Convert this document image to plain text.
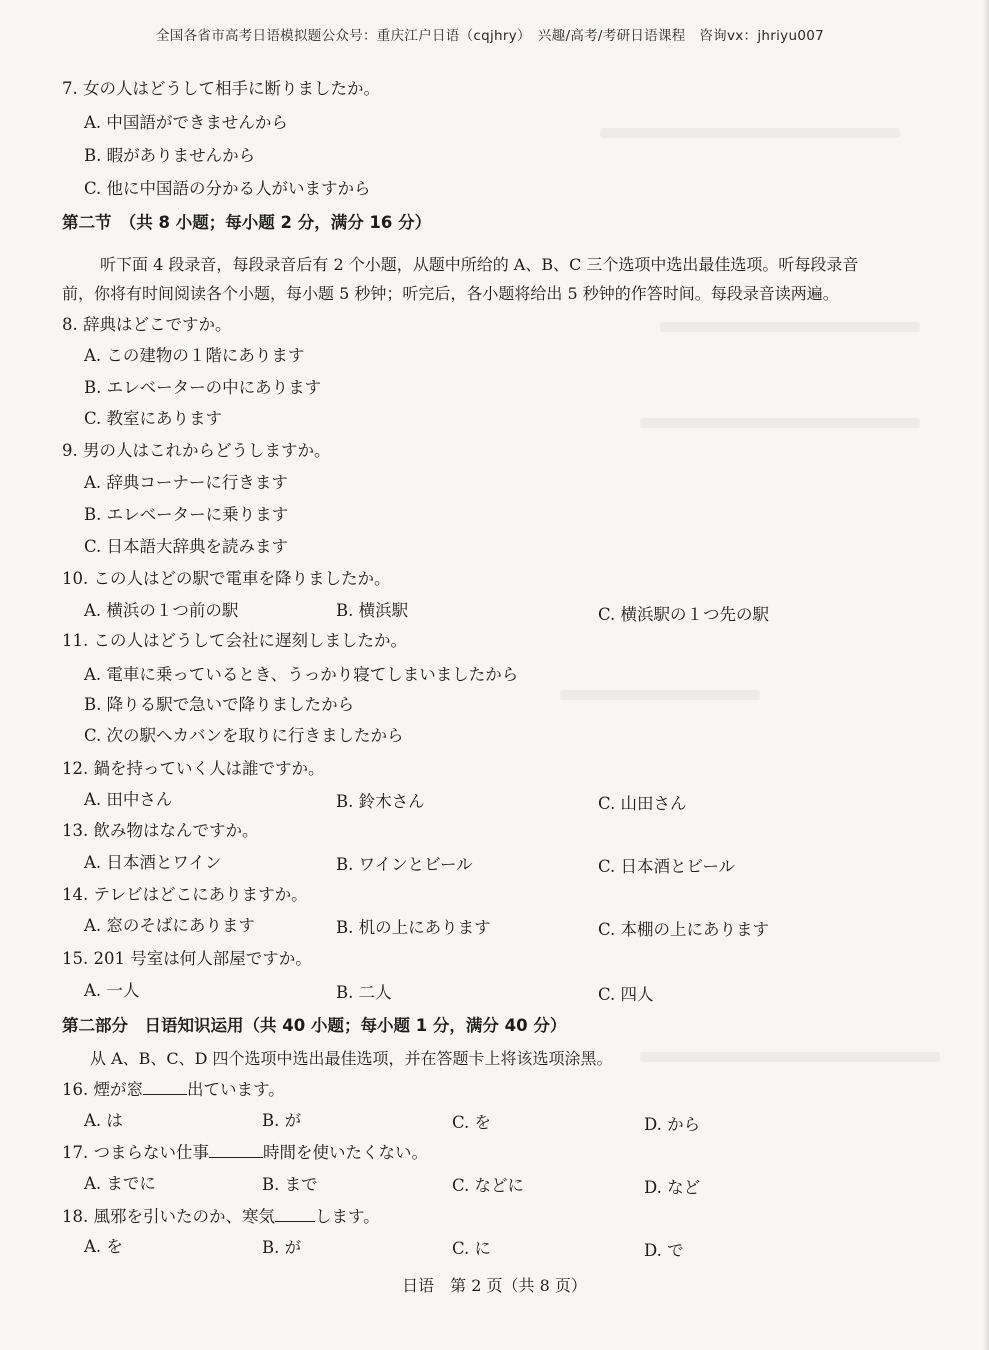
全国各省市高考日语模拟题公众号：重庆江户日语（cqjhry）　兴趣/高考/考研日语课程　咨询vx：jhriyu007
7. 女の人はどうして相手に断りましたか。
A. 中国語ができませんから
B. 暇がありませんから
C. 他に中国語の分かる人がいますから
第二节　（共 8 小题；每小题 2 分，满分 16 分）
听下面 4 段录音，每段录音后有 2 个小题，从题中所给的 A、B、C 三个选项中选出最佳选项。听每段录音前，你将有时间阅读各个小题，每小题 5 秒钟；听完后，各小题将给出 5 秒钟的作答时间。每段录音读两遍。
8. 辞典はどこですか。
A. この建物の１階にあります
B. エレベーターの中にあります
C. 教室にあります
9. 男の人はこれからどうしますか。
A. 辞典コーナーに行きます
B. エレベーターに乗ります
C. 日本語大辞典を読みます
10. この人はどの駅で電車を降りましたか。
A. 横浜の１つ前の駅	B. 横浜駅	C. 横浜駅の１つ先の駅
11. この人はどうして会社に遅刻しましたか。
A. 電車に乗っているとき、うっかり寝てしまいましたから
B. 降りる駅で急いで降りましたから
C. 次の駅へカバンを取りに行きましたから
12. 鍋を持っていく人は誰ですか。
A. 田中さん	B. 鈴木さん	C. 山田さん
13. 飲み物はなんですか。
A. 日本酒とワイン	B. ワインとビール	C. 日本酒とビール
14. テレビはどこにありますか。
A. 窓のそばにあります	B. 机の上にあります	C. 本棚の上にあります
15. 201 号室は何人部屋ですか。
A. 一人	B. 二人	C. 四人
第二部分　日语知识运用（共 40 小题；每小题 1 分，满分 40 分）
从 A、B、C、D 四个选项中选出最佳选项，并在答题卡上将该选项涂黑。
16. 煙が窓	出ています。
A. は	B. が	C. を	D. から
17. つまらない仕事	時間を使いたくない。
A. までに	B. まで	C. などに	D. など
18. 風邪を引いたのか、寒気 します。
A. を	B. が	C. に	D. で
日语　第 2 页（共 8 页）
